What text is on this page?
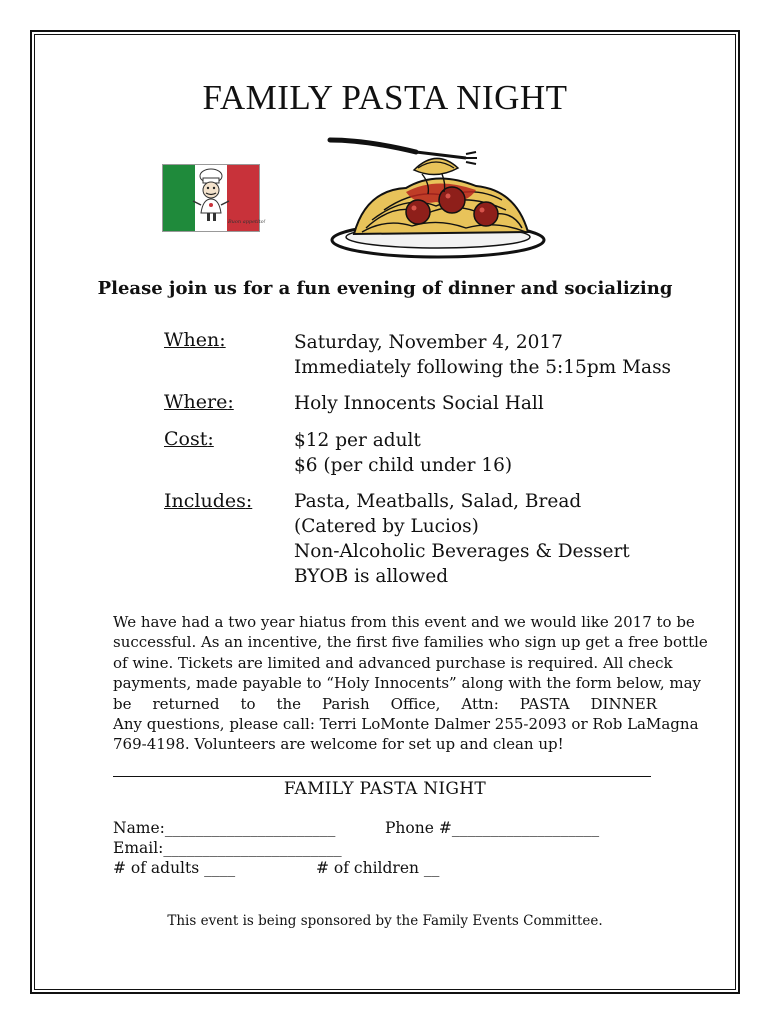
FAMILY PASTA NIGHT
Buon appetito!
Please join us for a fun evening of dinner and socializing
When:	Saturday, November 4, 2017
Immediately following the 5:15pm Mass
Where:	Holy Innocents Social Hall
Cost:	$12 per adult
$6 (per child under 16)
Includes: Pasta, Meatballs, Salad, Bread
(Catered by Lucios)
Non-Alcoholic Beverages & Dessert
BYOB is allowed
We have had a two year hiatus from this event and we would like 2017 to be
successful. As an incentive, the first five families who sign up get a free bottle
of wine. Tickets are limited and advanced purchase is required. All check
payments, made payable to “Holy Innocents” along with the form below, may
be returned to the Parish Office, Attn: PASTA DINNER
Any questions, please call: Terri LoMonte Dalmer 255-2093 or Rob LaMagna
769-4198. Volunteers are welcome for set up and clean up!
FAMILY PASTA NIGHT
Name:______________________	Phone #___________________
Email:_______________________
# of adults ____	# of children __
This event is being sponsored by the Family Events Committee.
